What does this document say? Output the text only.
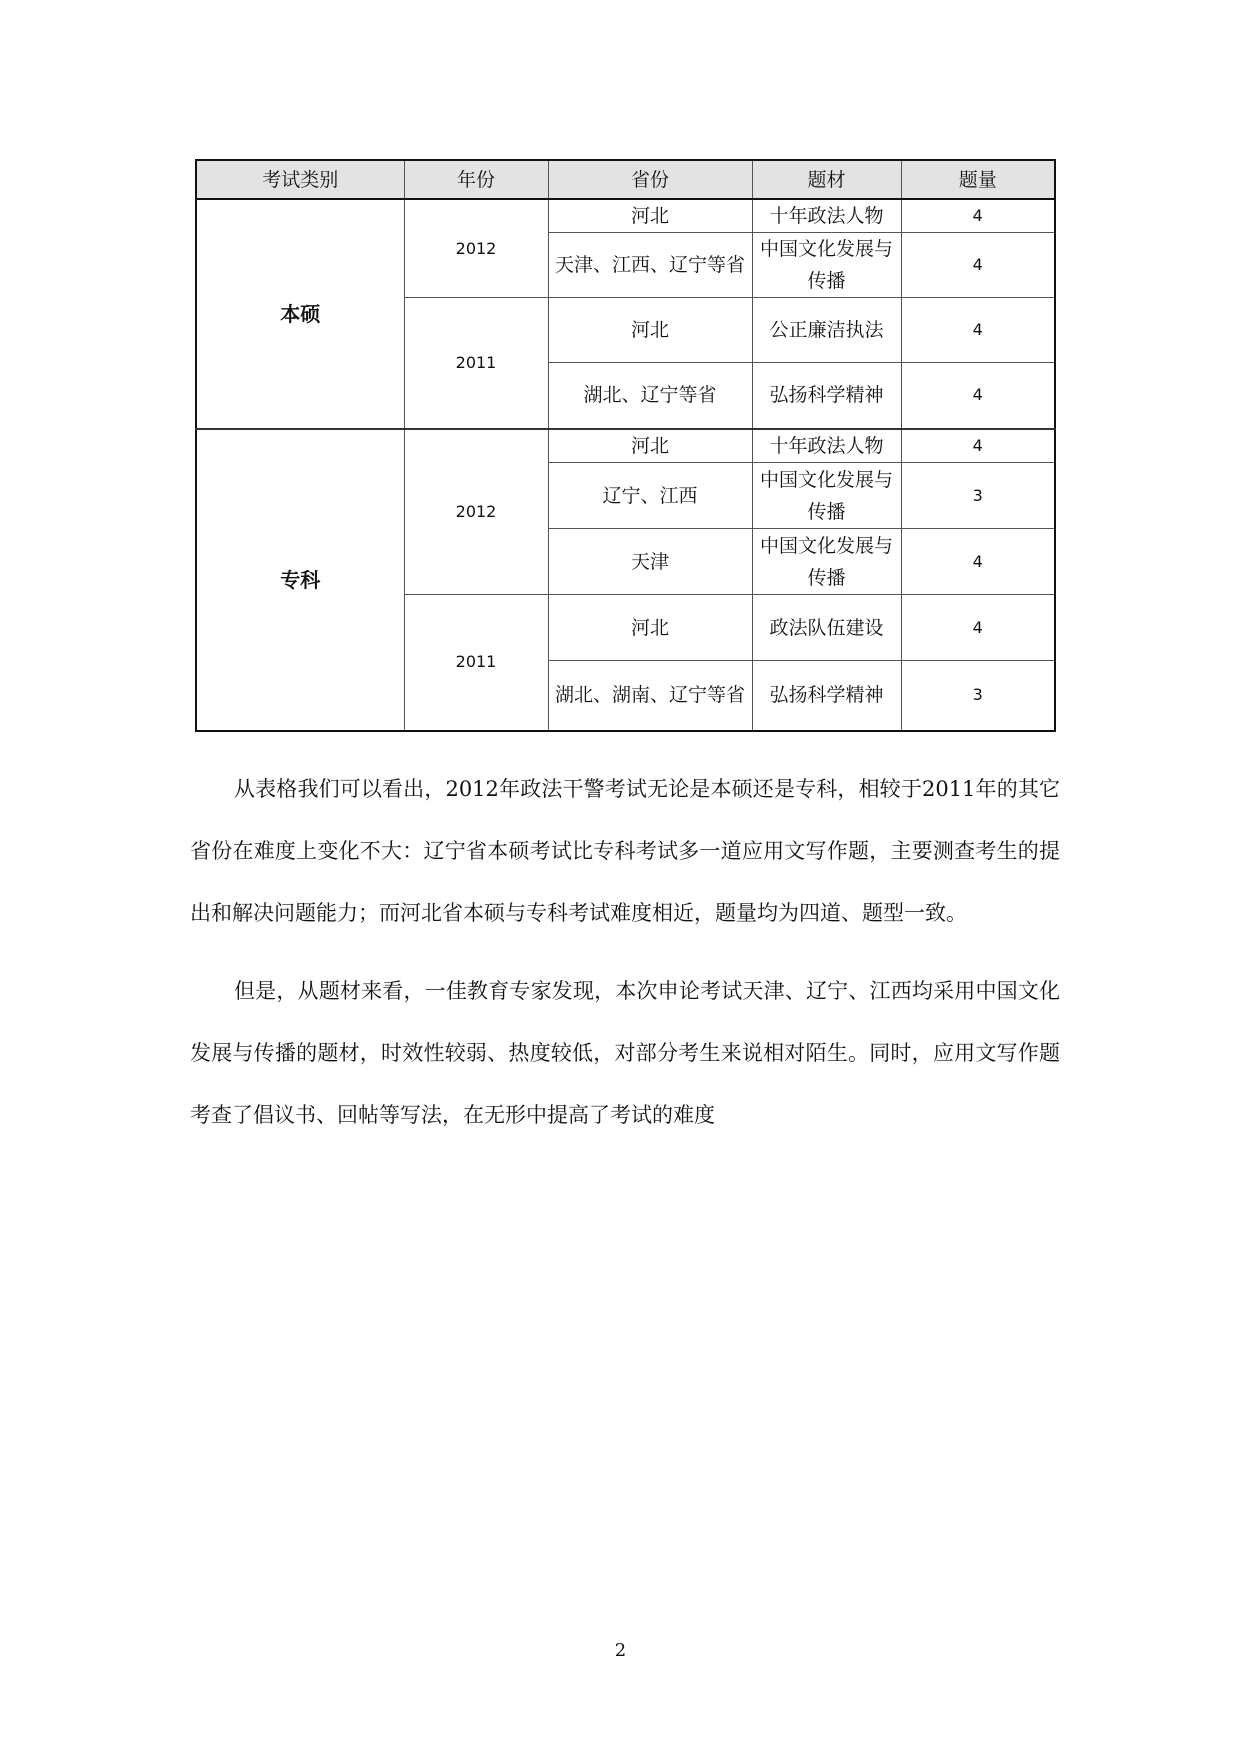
考试类别	年份	省份	题材	题量
本硕	2012	河北	十年政法人物	4
		天津、江西、辽宁等省	中国文化发展与传播	4
	2011	河北	公正廉洁执法	4
		湖北、辽宁等省	弘扬科学精神	4
专科	2012	河北	十年政法人物	4
		辽宁、江西	中国文化发展与传播	3
		天津	中国文化发展与传播	4
	2011	河北	政法队伍建设	4
		湖北、湖南、辽宁等省	弘扬科学精神	3

从表格我们可以看出，2012年政法干警考试无论是本硕还是专科，相较于2011年的其它省份在难度上变化不大：辽宁省本硕考试比专科考试多一道应用文写作题，主要测查考生的提出和解决问题能力；而河北省本硕与专科考试难度相近，题量均为四道、题型一致。

但是，从题材来看，一佳教育专家发现，本次申论考试天津、辽宁、江西均采用中国文化发展与传播的题材，时效性较弱、热度较低，对部分考生来说相对陌生。同时，应用文写作题考查了倡议书、回帖等写法，在无形中提高了考试的难度

2
